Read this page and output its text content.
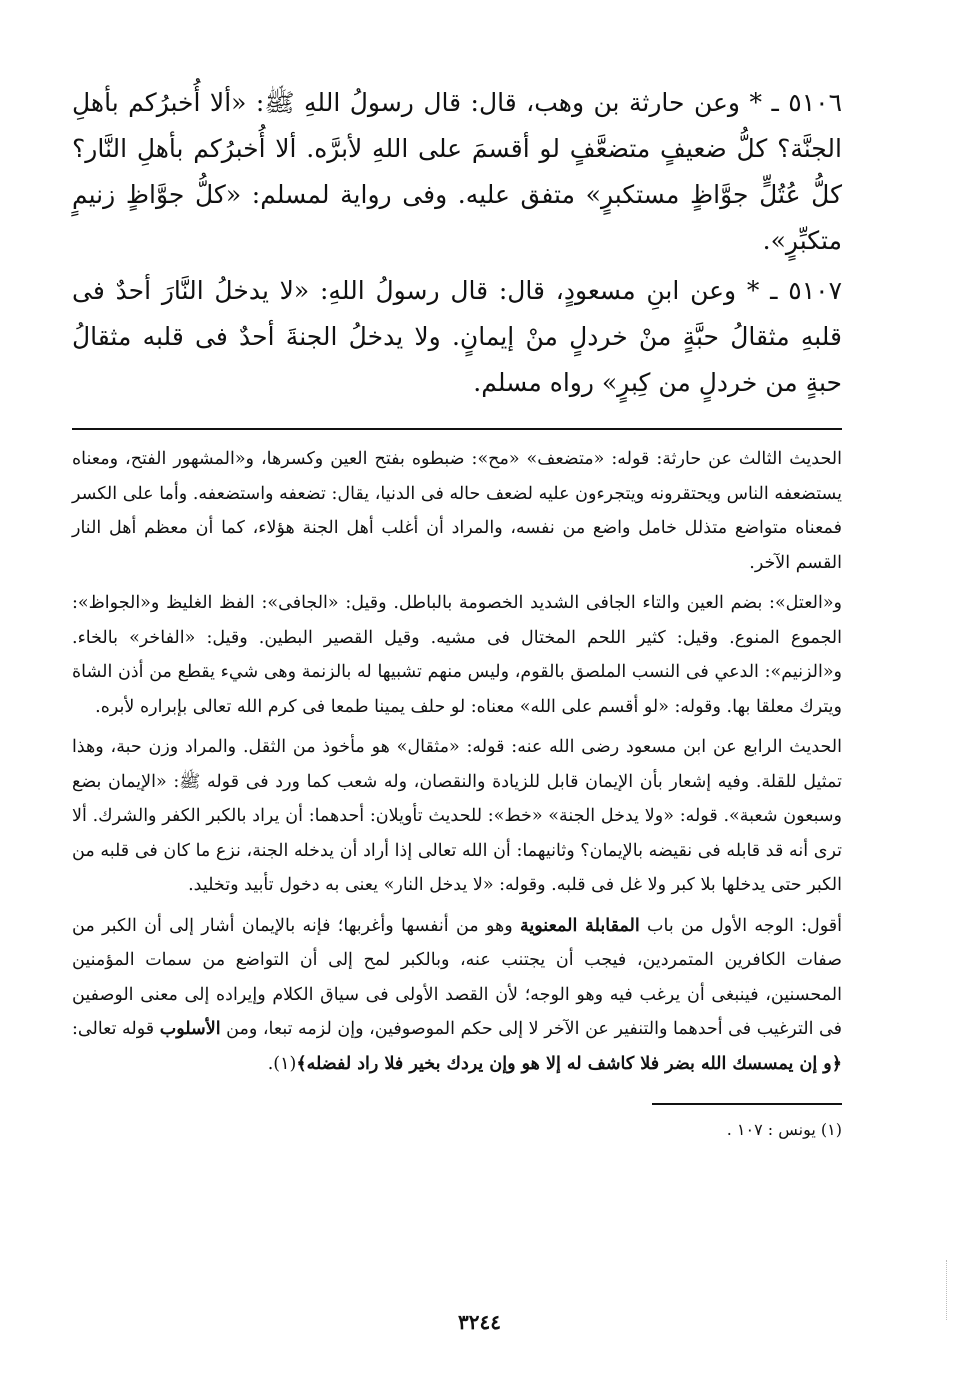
٥١٠٦ ـ * وعن حارثة بن وهب، قال: قال رسولُ اللهِ ﷺ: «ألا أُخبرُكم بأهلِ الجنَّة؟ كلُّ ضعيفٍ متضعَّفٍ لو أقسمَ على اللهِ لأبرَّه. ألا أُخبرُكم بأهلِ النَّار؟ كلُّ عُتُلٍّ جوَّاظٍ مستكبرٍ» متفق عليه. وفى رواية لمسلم: «كلُّ جوَّاظٍ زنيمٍ متكبِّرٍ».

٥١٠٧ ـ * وعن ابنِ مسعودٍ، قال: قال رسولُ اللهِ: «لا يدخلُ النَّارَ أحدٌ فى قلبهِ مثقالُ حبَّةٍ منْ خردلٍ منْ إيمانٍ. ولا يدخلُ الجنةَ أحدٌ فى قلبه مثقالُ حبةٍ من خردلٍ من كِبرٍ» رواه مسلم.

الحديث الثالث عن حارثة: قوله: «متضعف» «مح»: ضبطوه بفتح العين وكسرها، و«المشهور الفتح، ومعناه يستضعفه الناس ويحتقرونه ويتجرءون عليه لضعف حاله فى الدنيا، يقال: تضعفه واستضعفه. وأما على الكسر فمعناه متواضع متذلل خامل واضع من نفسه، والمراد أن أغلب أهل الجنة هؤلاء، كما أن معظم أهل النار القسم الآخر.

و«العتل»: بضم العين والتاء الجافى الشديد الخصومة بالباطل. وقيل: «الجافى»: الفظ الغليظ و«الجواظ»: الجموع المنوع. وقيل: كثير اللحم المختال فى مشيه. وقيل القصير البطين. وقيل: «الفاخر» بالخاء. و«الزنيم»: الدعي فى النسب الملصق بالقوم، وليس منهم تشبيها له بالزنمة وهى شيء يقطع من أذن الشاة ويترك معلقا بها. وقوله: «لو أقسم على الله» معناه: لو حلف يمينا طمعا فى كرم الله تعالى بإبراره لأبره.

الحديث الرابع عن ابن مسعود رضى الله عنه: قوله: «مثقال» هو مأخوذ من الثقل. والمراد وزن حبة، وهذا تمثيل للقلة. وفيه إشعار بأن الإيمان قابل للزيادة والنقصان، وله شعب كما ورد فى قوله ﷺ: «الإيمان بضع وسبعون شعبة». قوله: «ولا يدخل الجنة» «خط»: للحديث تأويلان: أحدهما: أن يراد بالكبر الكفر والشرك. ألا ترى أنه قد قابله فى نقيضه بالإيمان؟ وثانيهما: أن الله تعالى إذا أراد أن يدخله الجنة، نزع ما كان فى قلبه من الكبر حتى يدخلها بلا كبر ولا غل فى قلبه. وقوله: «لا يدخل النار» يعنى به دخول تأبيد وتخليد.

أقول: الوجه الأول من باب المقابلة المعنوية وهو من أنفسها وأغربها؛ فإنه بالإيمان أشار إلى أن الكبر من صفات الكافرين المتمردين، فيجب أن يجتنب عنه، وبالكبر لمح إلى أن التواضع من سمات المؤمنين المحسنين، فينبغى أن يرغب فيه وهو الوجه؛ لأن القصد الأولى فى سياق الكلام وإيراده إلى معنى الوصفين فى الترغيب فى أحدهما والتنفير عن الآخر لا إلى حكم الموصوفين، وإن لزمه تبعا، ومن الأسلوب قوله تعالى: ﴿و إن يمسسك الله بضر فلا كاشف له إلا هو وإن يردك بخير فلا راد لفضله﴾(١).

(١) يونس : ١٠٧ .

٣٢٤٤
